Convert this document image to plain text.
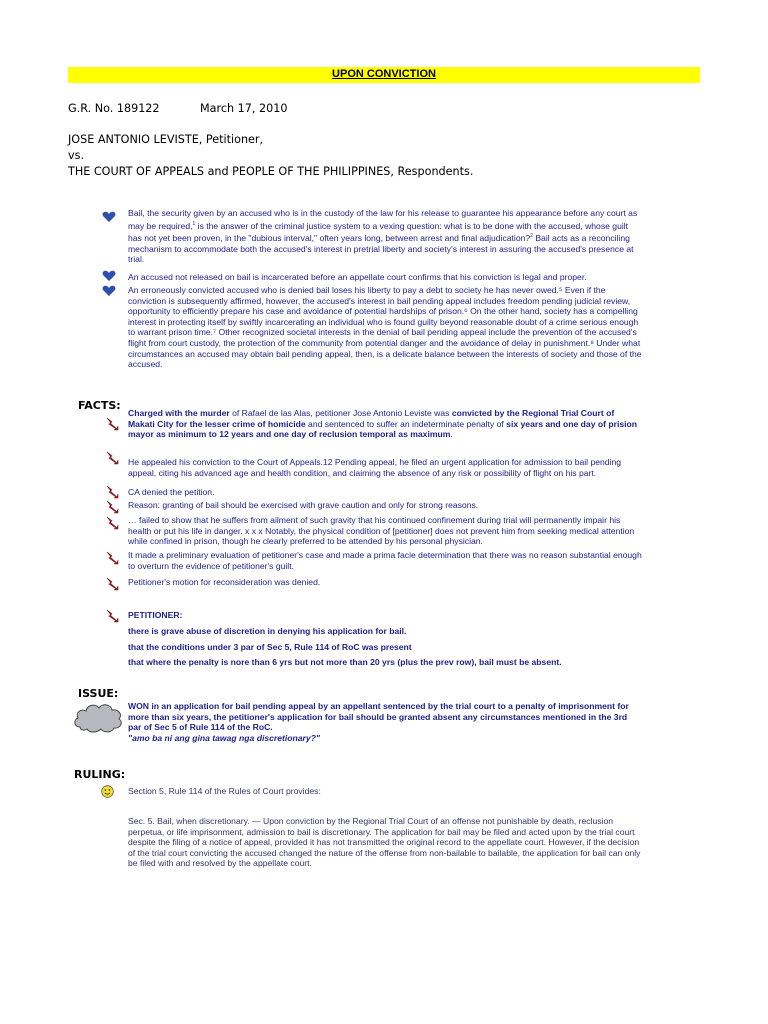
UPON CONVICTION
G.R. No. 189122	March 17, 2010
JOSE ANTONIO LEVISTE, Petitioner,
vs.
THE COURT OF APPEALS and PEOPLE OF THE PHILIPPINES, Respondents.
Bail, the security given by an accused who is in the custody of the law for his release to guarantee his appearance before any court as
may be required,$^1$ is the answer of the criminal justice system to a vexing question: what is to be done with the accused, whose guilt
has not yet been proven, in the "dubious interval," often years long, between arrest and final adjudication?$^2$ Bail acts as a reconciling
mechanism to accommodate both the accused's interest in pretrial liberty and society's interest in assuring the accused's presence at
trial.
An accused not released on bail is incarcerated before an appellate court confirms that his conviction is legal and proper.
An erroneously convicted accused who is denied bail loses his liberty to pay a debt to society he has never owed.⁵ Even if the
conviction is subsequently affirmed, however, the accused's interest in bail pending appeal includes freedom pending judicial review,
opportunity to efficiently prepare his case and avoidance of potential hardships of prison.⁶ On the other hand, society has a compelling
interest in protecting itself by swiftly incarcerating an individual who is found guilty beyond reasonable doubt of a crime serious enough
to warrant prison time.⁷ Other recognized societal interests in the denial of bail pending appeal include the prevention of the accused's
flight from court custody, the protection of the community from potential danger and the avoidance of delay in punishment.⁸ Under what
circumstances an accused may obtain bail pending appeal, then, is a delicate balance between the interests of society and those of the
accused.
FACTS:
Charged with the murder of Rafael de las Alas, petitioner Jose Antonio Leviste was convicted by the Regional Trial Court of
Makati City for the lesser crime of homicide and sentenced to suffer an indeterminate penalty of six years and one day of prision
mayor as minimum to 12 years and one day of reclusion temporal as maximum.
He appealed his conviction to the Court of Appeals.12 Pending appeal, he filed an urgent application for admission to bail pending
appeal, citing his advanced age and health condition, and claiming the absence of any risk or possibility of flight on his part.
CA denied the petition.
Reason: granting of bail should be exercised with grave caution and only for strong reasons.
… failed to show that he suffers from ailment of such gravity that his continued confinement during trial will permanently impair his
health or put his life in danger. x x x Notably, the physical condition of [petitioner] does not prevent him from seeking medical attention
while confined in prison, though he clearly preferred to be attended by his personal physician.
It made a preliminary evaluation of petitioner's case and made a prima facie determination that there was no reason substantial enough
to overturn the evidence of petitioner's guilt.
Petitioner's motion for reconsideration was denied.
PETITIONER:
there is grave abuse of discretion in denying his application for bail.
that the conditions under 3 par of Sec 5, Rule 114 of RoC was present
that where the penalty is nore than 6 yrs but not more than 20 yrs (plus the prev row), bail must be absent.
ISSUE:
WON in an application for bail pending appeal by an appellant sentenced by the trial court to a penalty of imprisonment for
more than six years, the petitioner's application for bail should be granted absent any circumstances mentioned in the 3rd
par of Sec 5 of Rule 114 of the RoC.
"amo ba ni ang gina tawag nga discretionary?"
RULING:
Section 5, Rule 114 of the Rules of Court provides:
Sec. 5. Bail, when discretionary. — Upon conviction by the Regional Trial Court of an offense not punishable by death, reclusion
perpetua, or life imprisonment, admission to bail is discretionary. The application for bail may be filed and acted upon by the trial court
despite the filing of a notice of appeal, provided it has not transmitted the original record to the appellate court. However, if the decision
of the trial court convicting the accused changed the nature of the offense from non-bailable to bailable, the application for bail can only
be filed with and resolved by the appellate court.
